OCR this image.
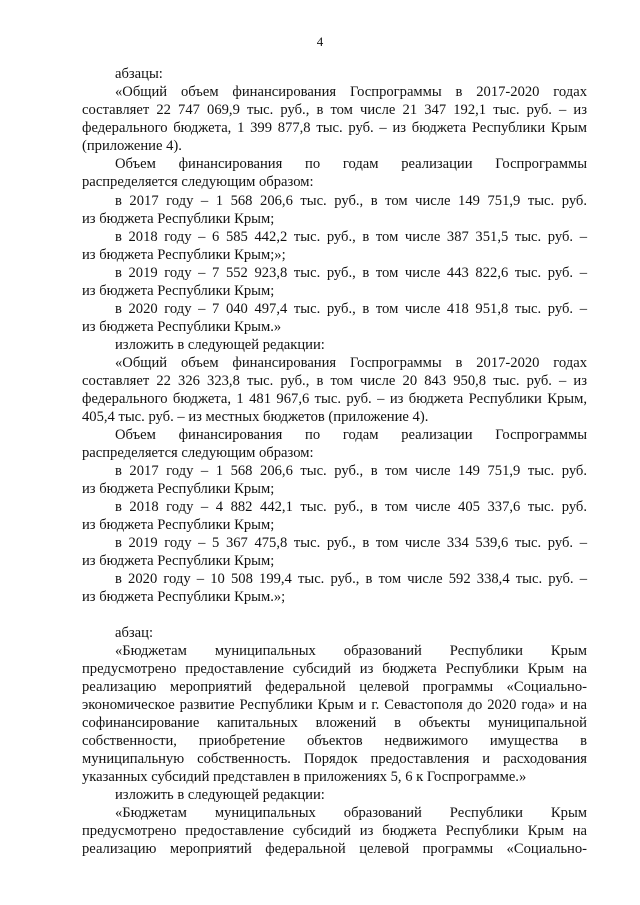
4
абзацы:
«Общий объем финансирования Госпрограммы в 2017-2020 годах
составляет 22 747 069,9 тыс. руб., в том числе 21 347 192,1 тыс. руб. – из
федерального бюджета, 1 399 877,8 тыс. руб. – из бюджета Республики Крым
(приложение 4).
Объем финансирования по годам реализации Госпрограммы
распределяется следующим образом:
в 2017 году – 1 568 206,6 тыс. руб., в том числе 149 751,9 тыс. руб.
из бюджета Республики Крым;
в 2018 году – 6 585 442,2 тыс. руб., в том числе 387 351,5 тыс. руб. –
из бюджета Республики Крым;»;
в 2019 году – 7 552 923,8 тыс. руб., в том числе 443 822,6 тыс. руб. –
из бюджета Республики Крым;
в 2020 году – 7 040 497,4 тыс. руб., в том числе 418 951,8 тыс. руб. –
из бюджета Республики Крым.»
изложить в следующей редакции:
«Общий объем финансирования Госпрограммы в 2017-2020 годах
составляет 22 326 323,8 тыс. руб., в том числе 20 843 950,8 тыс. руб. – из
федерального бюджета, 1 481 967,6 тыс. руб. – из бюджета Республики Крым,
405,4 тыс. руб. – из местных бюджетов (приложение 4).
Объем финансирования по годам реализации Госпрограммы
распределяется следующим образом:
в 2017 году – 1 568 206,6 тыс. руб., в том числе 149 751,9 тыс. руб.
из бюджета Республики Крым;
в 2018 году – 4 882 442,1 тыс. руб., в том числе 405 337,6 тыс. руб.
из бюджета Республики Крым;
в 2019 году – 5 367 475,8 тыс. руб., в том числе 334 539,6 тыс. руб. –
из бюджета Республики Крым;
в 2020 году – 10 508 199,4 тыс. руб., в том числе 592 338,4 тыс. руб. –
из бюджета Республики Крым.»;
абзац:
«Бюджетам муниципальных образований Республики Крым
предусмотрено предоставление субсидий из бюджета Республики Крым на
реализацию мероприятий федеральной целевой программы «Социально-
экономическое развитие Республики Крым и г. Севастополя до 2020 года» и на
софинансирование капитальных вложений в объекты муниципальной
собственности, приобретение объектов недвижимого имущества в
муниципальную собственность. Порядок предоставления и расходования
указанных субсидий представлен в приложениях 5, 6 к Госпрограмме.»
изложить в следующей редакции:
«Бюджетам муниципальных образований Республики Крым
предусмотрено предоставление субсидий из бюджета Республики Крым на
реализацию мероприятий федеральной целевой программы «Социально-
